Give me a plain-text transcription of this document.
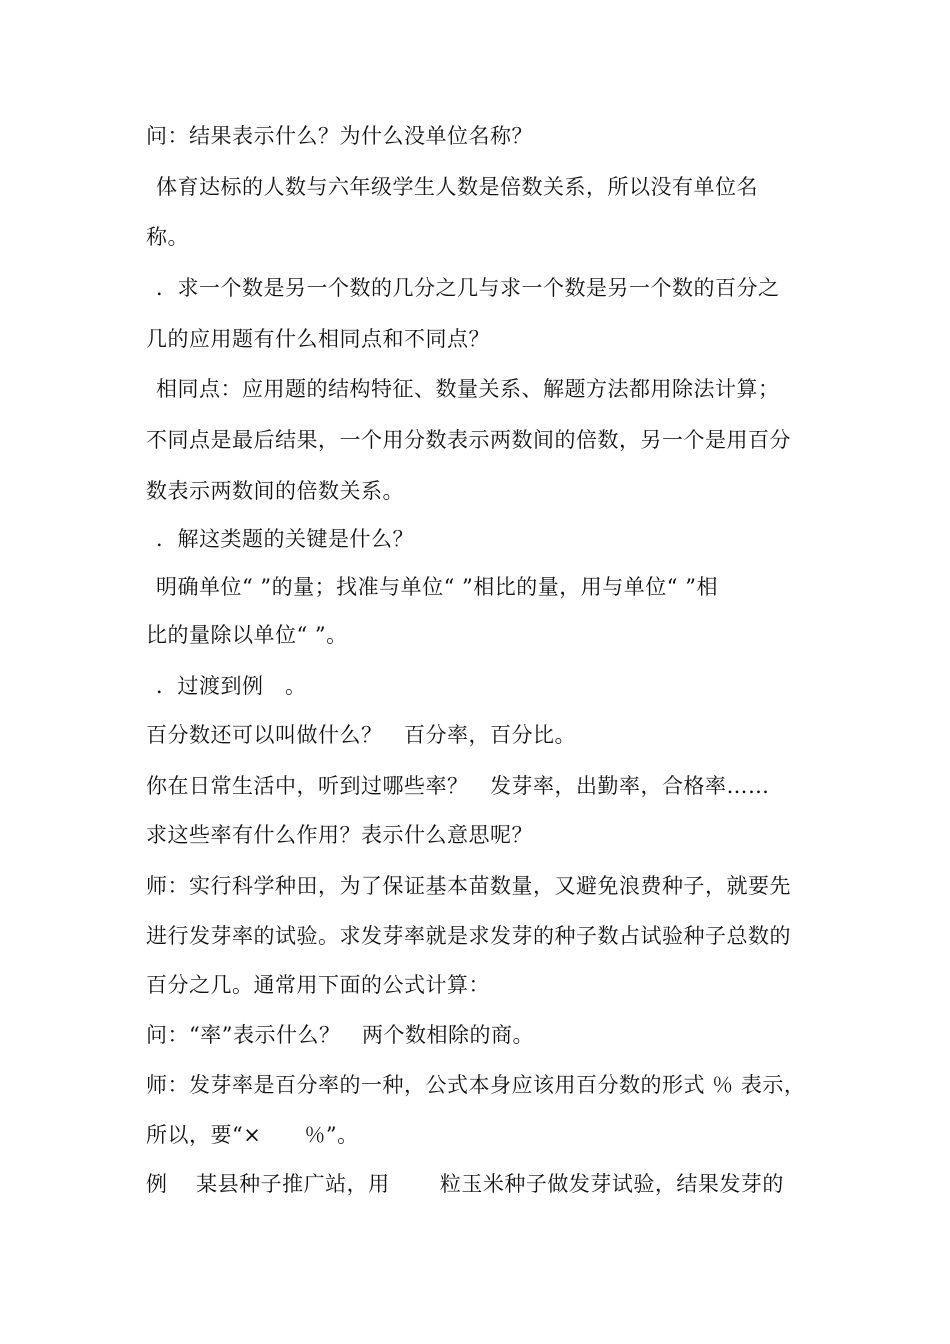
问：结果表示什么？为什么没单位名称？
体育达标的人数与六年级学生人数是倍数关系，所以没有单位名
称。
．求一个数是另一个数的几分之几与求一个数是另一个数的百分之
几的应用题有什么相同点和不同点？
相同点：应用题的结构特征、数量关系、解题方法都用除法计算；
不同点是最后结果，一个用分数表示两数间的倍数，另一个是用百分
数表示两数间的倍数关系。
．解这类题的关键是什么？
明确单位“ ”的量；找准与单位“ ”相比的量，用与单位“ ”相
比的量除以单位“ ”。
．过渡到例　。
百分数还可以叫做什么？　百分率，百分比。
你在日常生活中，听到过哪些率？　发芽率，出勤率，合格率……
求这些率有什么作用？表示什么意思呢？
师：实行科学种田，为了保证基本苗数量，又避免浪费种子，就要先
进行发芽率的试验。求发芽率就是求发芽的种子数占试验种子总数的
百分之几。通常用下面的公式计算：
问：“率”表示什么？　两个数相除的商。
师：发芽率是百分率的一种，公式本身应该用百分数的形式 ％ 表示，
所以，要“×　　％”。
例　 某县种子推广站，用　　 粒玉米种子做发芽试验，结果发芽的
